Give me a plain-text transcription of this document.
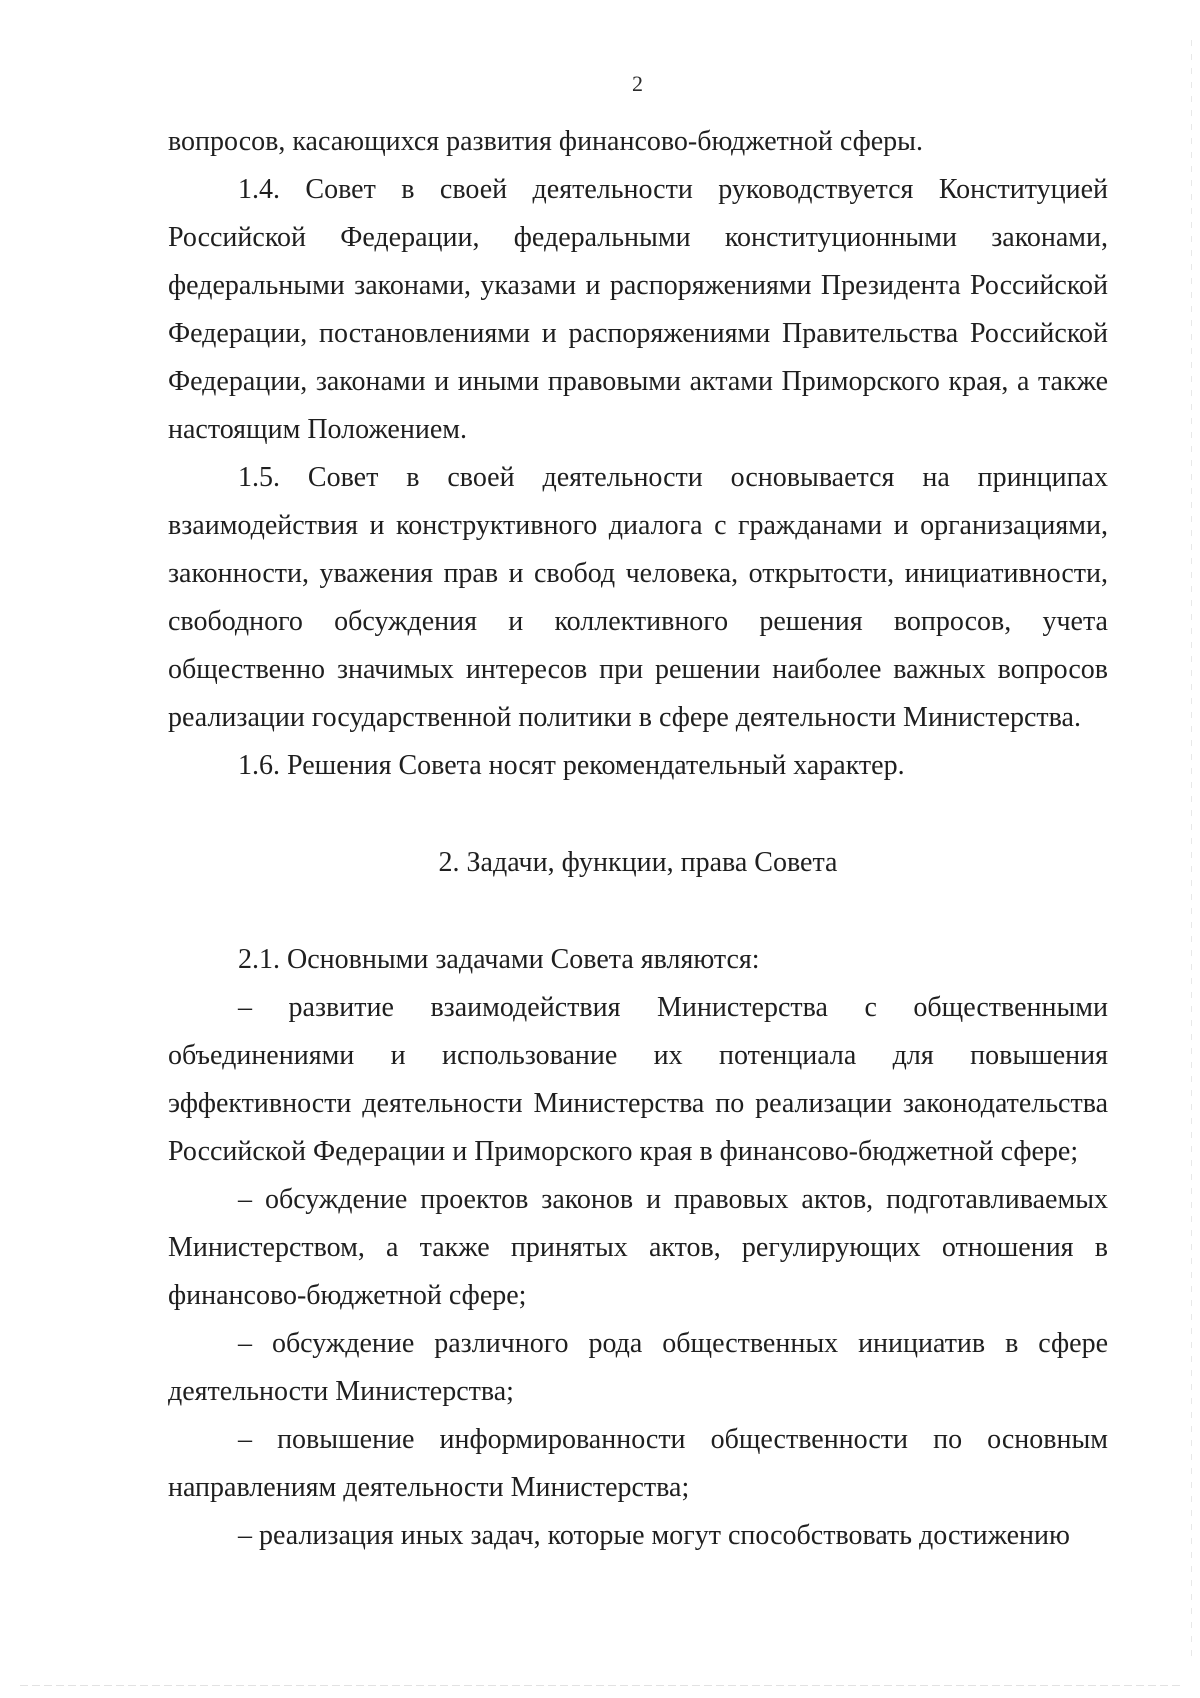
2

вопросов, касающихся развития финансово-бюджетной сферы.

1.4. Совет в своей деятельности руководствуется Конституцией Российской Федерации, федеральными конституционными законами, федеральными законами, указами и распоряжениями Президента Российской Федерации, постановлениями и распоряжениями Правительства Российской Федерации, законами и иными правовыми актами Приморского края, а также настоящим Положением.

1.5. Совет в своей деятельности основывается на принципах взаимодействия и конструктивного диалога с гражданами и организациями, законности, уважения прав и свобод человека, открытости, инициативности, свободного обсуждения и коллективного решения вопросов, учета общественно значимых интересов при решении наиболее важных вопросов реализации государственной политики в сфере деятельности Министерства.

1.6. Решения Совета носят рекомендательный характер.

2. Задачи, функции, права Совета

2.1. Основными задачами Совета являются:

– развитие взаимодействия Министерства с общественными объединениями и использование их потенциала для повышения эффективности деятельности Министерства по реализации законодательства Российской Федерации и Приморского края в финансово-бюджетной сфере;

– обсуждение проектов законов и правовых актов, подготавливаемых Министерством, а также принятых актов, регулирующих отношения в финансово-бюджетной сфере;

– обсуждение различного рода общественных инициатив в сфере деятельности Министерства;

– повышение информированности общественности по основным направлениям деятельности Министерства;

– реализация иных задач, которые могут способствовать достижению
